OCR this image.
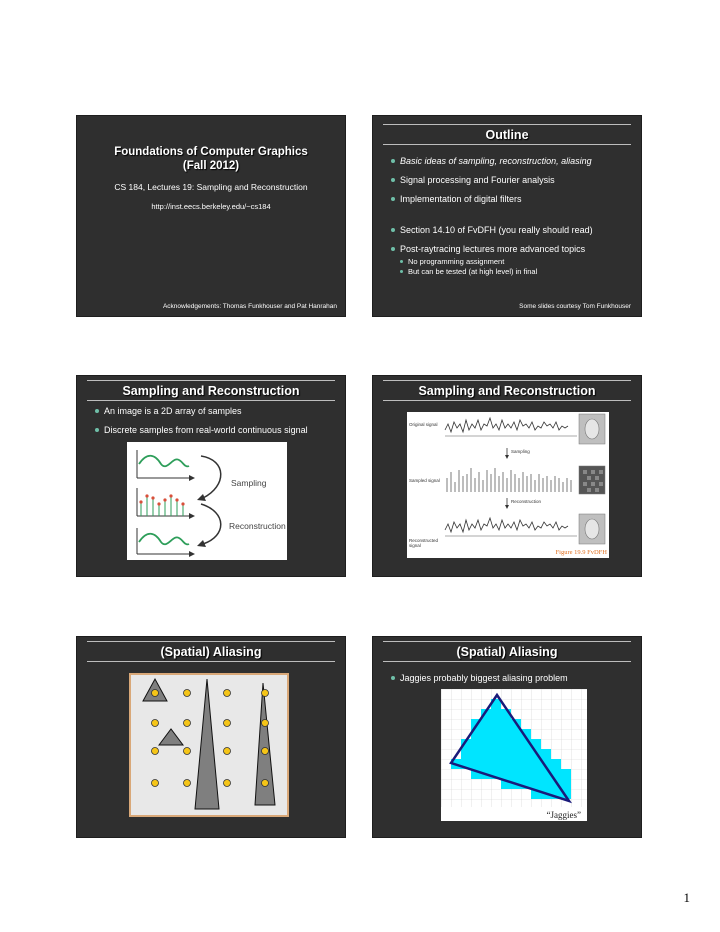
Foundations of Computer Graphics
(Fall 2012)
CS 184, Lectures 19: Sampling and Reconstruction
http://inst.eecs.berkeley.edu/~cs184
Acknowledgements: Thomas Funkhouser and Pat Hanrahan
Outline
Basic ideas of sampling, reconstruction, aliasing
Signal processing and Fourier analysis
Implementation of digital filters
Section 14.10 of FvDFH (you really should read)
Post-raytracing lectures more advanced topics
No programming assignment
But can be tested (at high level) in final
Some slides courtesy Tom Funkhouser
Sampling and Reconstruction
An image is a 2D array of samples
Discrete samples from real-world continuous signal
Sampling
Reconstruction
Sampling and Reconstruction
Original signal
Sampling
Sampled signal
Reconstruction
Reconstructed signal
Figure 19.9 FvDFH
(Spatial) Aliasing	(Spatial) Aliasing
Jaggies probably biggest aliasing problem
“Jaggies”
1
